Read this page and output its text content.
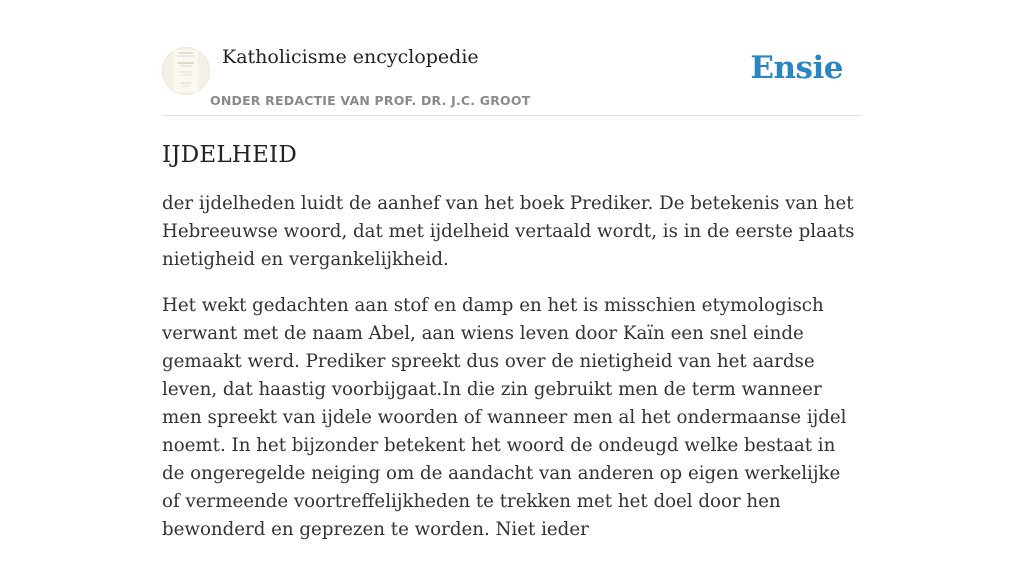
Katholicisme encyclopedie
ONDER REDACTIE VAN PROF. DR. J.C. GROOT
Ensie
IJDELHEID

der ijdelheden luidt de aanhef van het boek Prediker. De betekenis van het Hebreeuwse woord, dat met ijdelheid vertaald wordt, is in de eerste plaats nietigheid en vergankelijkheid.

Het wekt gedachten aan stof en damp en het is misschien etymologisch verwant met de naam Abel, aan wiens leven door Kaïn een snel einde gemaakt werd. Prediker spreekt dus over de nietigheid van het aardse leven, dat haastig voorbijgaat.In die zin gebruikt men de term wanneer men spreekt van ijdele woorden of wanneer men al het ondermaanse ijdel noemt. In het bijzonder betekent het woord de ondeugd welke bestaat in de ongeregelde neiging om de aandacht van anderen op eigen werkelijke of vermeende voortreffelijkheden te trekken met het doel door hen bewonderd en geprezen te worden. Niet ieder
